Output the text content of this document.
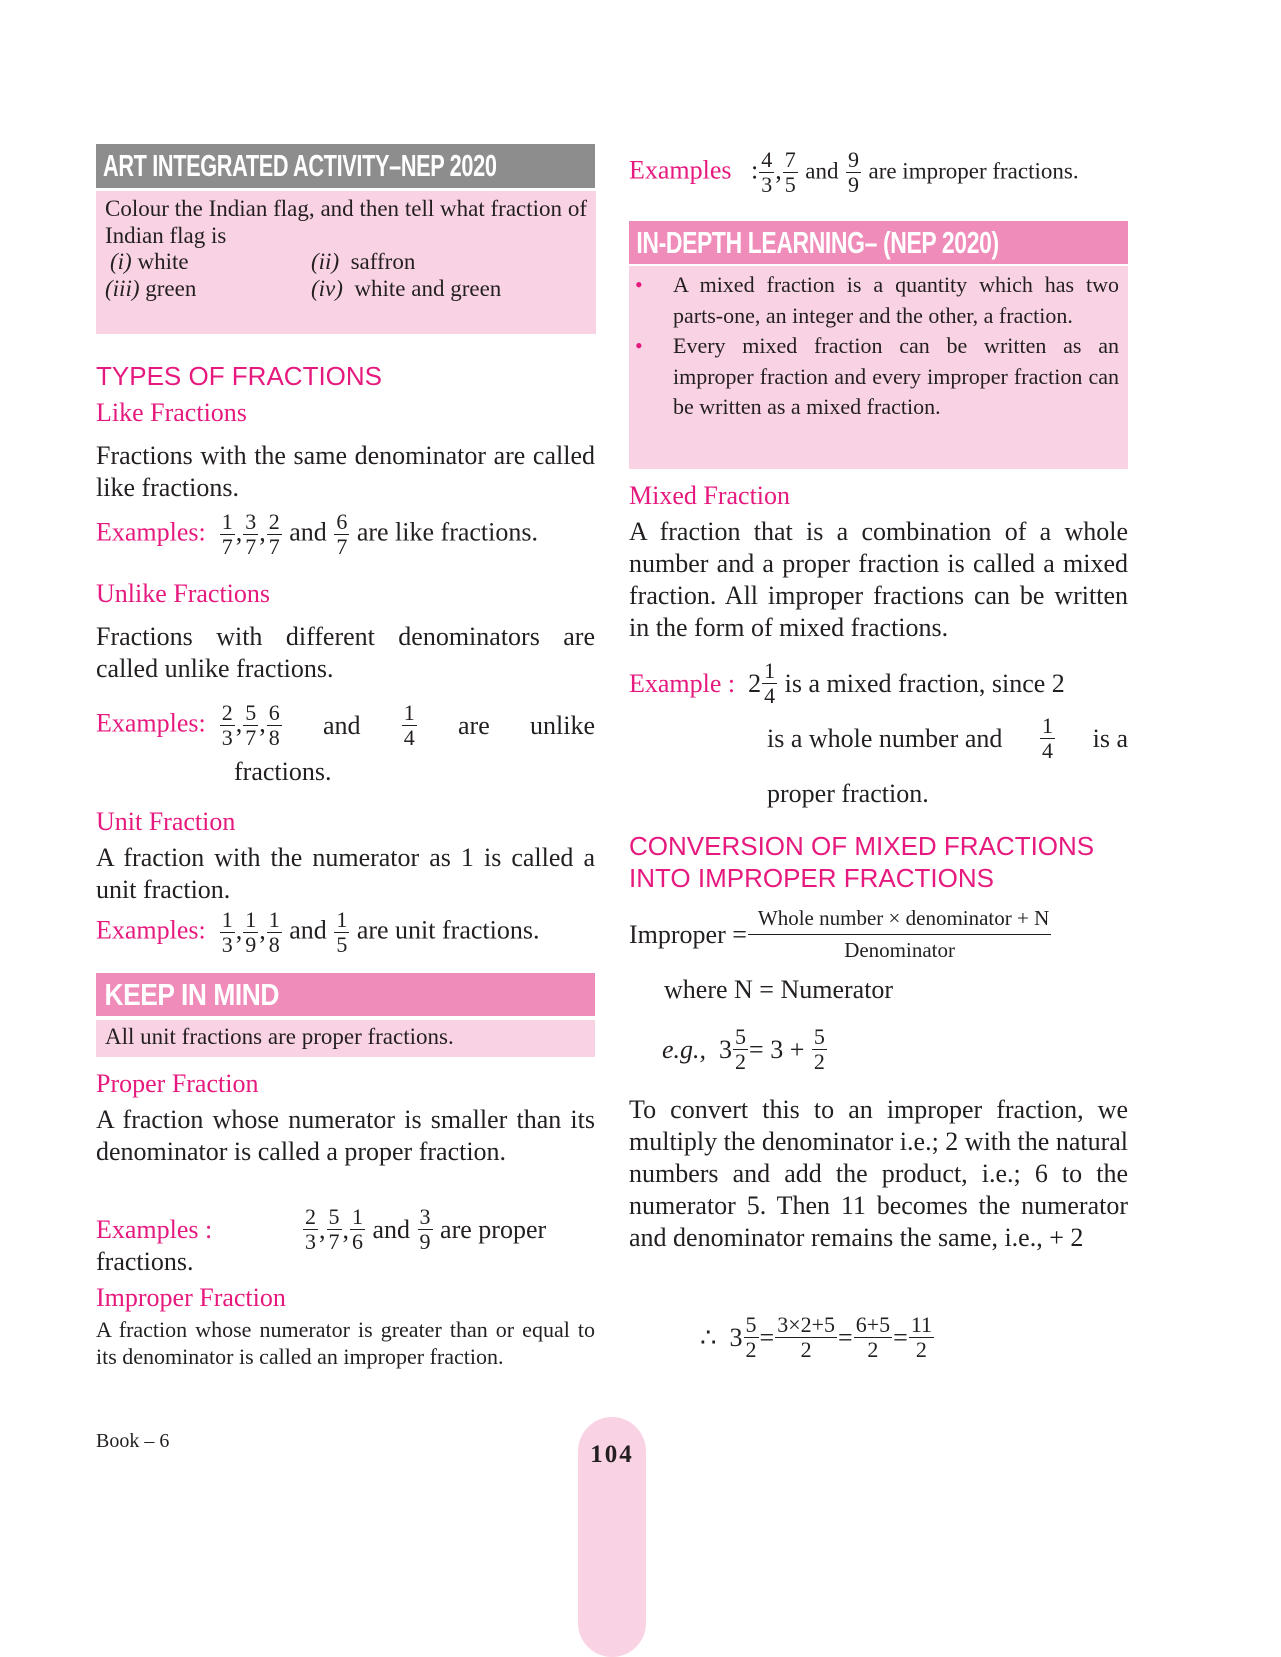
ART INTEGRATED ACTIVITY–NEP 2020
Colour the Indian flag, and then tell what fraction of Indian flag is
(i) white	(ii) saffron
(iii) green	(iv) white and green
TYPES OF FRACTIONS
Like Fractions
Fractions with the same denominator are called like fractions.
Examples: $\frac{1}{7}$ , $\frac{3}{7}$ , $\frac{2}{7}$ and $\frac{6}{7}$ are like fractions.
Unlike Fractions
Fractions with different denominators are called unlike fractions.
Examples: $\frac{2}{3}$ , $\frac{5}{7}$ , $\frac{6}{8}$ and $\frac{1}{4}$ are unlike
fractions.
Unit Fraction
A fraction with the numerator as 1 is called a unit fraction.
Examples: $\frac{1}{3}$ , $\frac{1}{9}$ , $\frac{1}{8}$ and $\frac{1}{5}$ are unit fractions.
KEEP IN MIND
All unit fractions are proper fractions.
Proper Fraction
A fraction whose numerator is smaller than its denominator is called a proper fraction.
Examples :	$\frac{2}{3}$ , $\frac{5}{7}$ , $\frac{1}{6}$
and
$\frac{3}{9}$
are proper
fractions.
Improper Fraction
A fraction whose numerator is greater than or equal to its denominator is called an improper fraction.
Book – 6	104
Examples : $\frac{4}{3}$ , $\frac{7}{5}$ and $\frac{9}{9}$ are improper fractions.
IN-DEPTH LEARNING– (NEP 2020)
• A mixed fraction is a quantity which has two parts-one, an integer and the other, a fraction.
• Every mixed fraction can be written as an improper fraction and every improper fraction can be written as a mixed fraction.
Mixed Fraction
A fraction that is a combination of a whole number and a proper fraction is called a mixed fraction. All improper fractions can be written in the form of mixed fractions.
Example :
$2 \frac{1}{4}$
is a mixed fraction, since 2
is a whole number and $\frac{1}{4}$ is a
proper fraction.
CONVERSION OF MIXED FRACTIONS
INTO IMPROPER FRACTIONS
Improper =
Whole number × denominator + N
Denominator
where N = Numerator
e.g.,
$3 \frac{5}{2} = 3$ +
$\frac{5}{2}$
To convert this to an improper fraction, we multiply the denominator i.e.; 2 with the natural numbers and add the product, i.e.; 6 to the numerator 5. Then 11 becomes the numerator and denominator remains the same, i.e., + 2
∴
$3 \frac{5}{2} = \frac{3\times 2+5}{2} = \frac{6+5}{2} = \frac{11}{2}$
